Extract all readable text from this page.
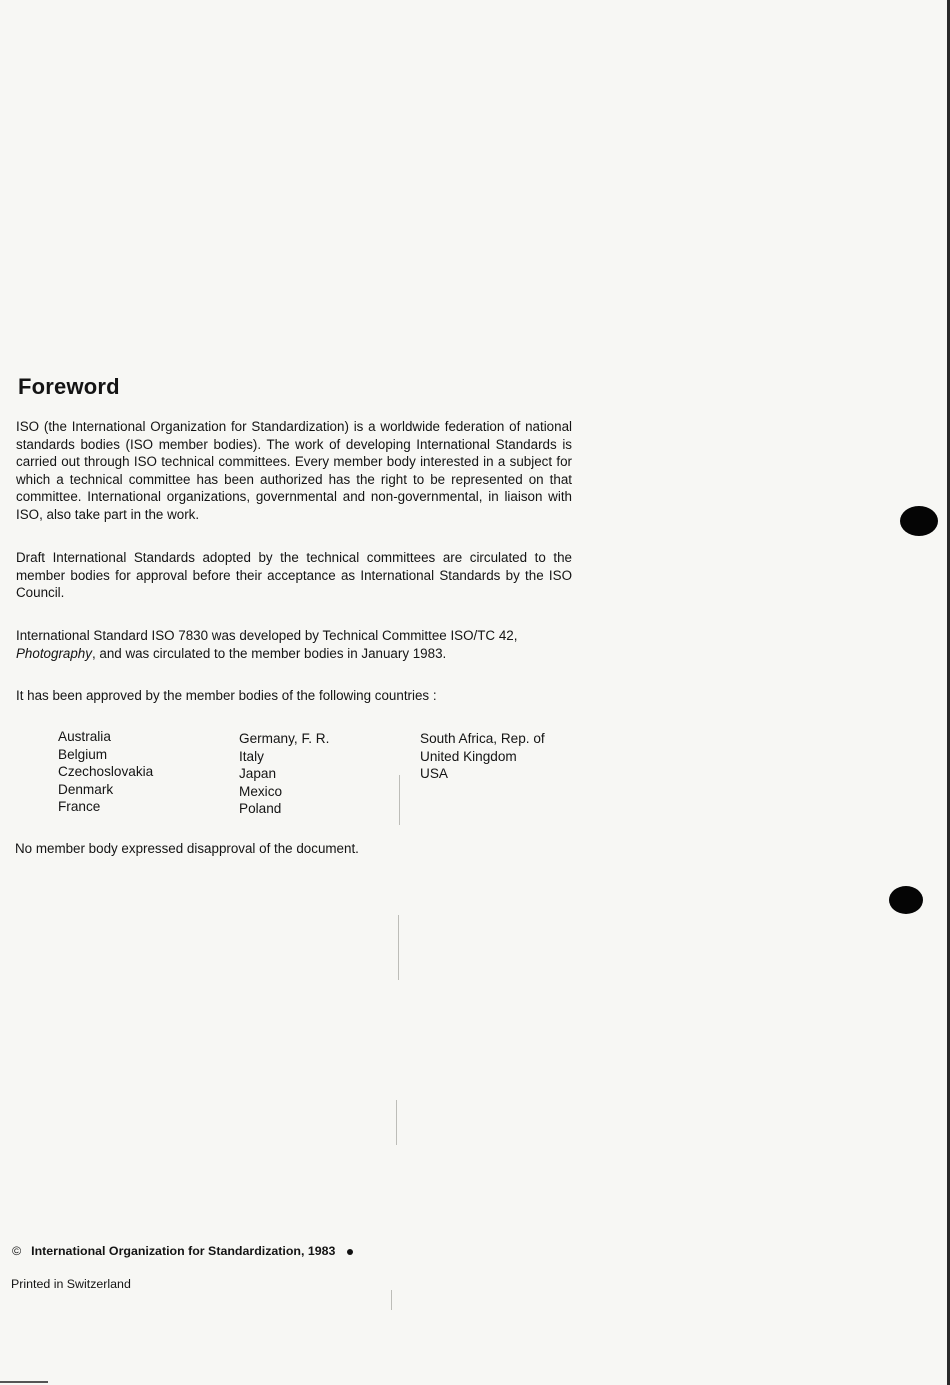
Foreword

ISO (the International Organization for Standardization) is a worldwide federation of national standards bodies (ISO member bodies). The work of developing International Standards is carried out through ISO technical committees. Every member body interested in a subject for which a technical committee has been authorized has the right to be represented on that committee. International organizations, governmental and non-governmental, in liaison with ISO, also take part in the work.

Draft International Standards adopted by the technical committees are circulated to the member bodies for approval before their acceptance as International Standards by the ISO Council.

International Standard ISO 7830 was developed by Technical Committee ISO/TC 42,
Photography, and was circulated to the member bodies in January 1983.

It has been approved by the member bodies of the following countries :

Australia
Belgium
Czechoslovakia
Denmark
France
Germany, F. R.
Italy
Japan
Mexico
Poland
South Africa, Rep. of
United Kingdom
USA

No member body expressed disapproval of the document.

© International Organization for Standardization, 1983
Printed in Switzerland
